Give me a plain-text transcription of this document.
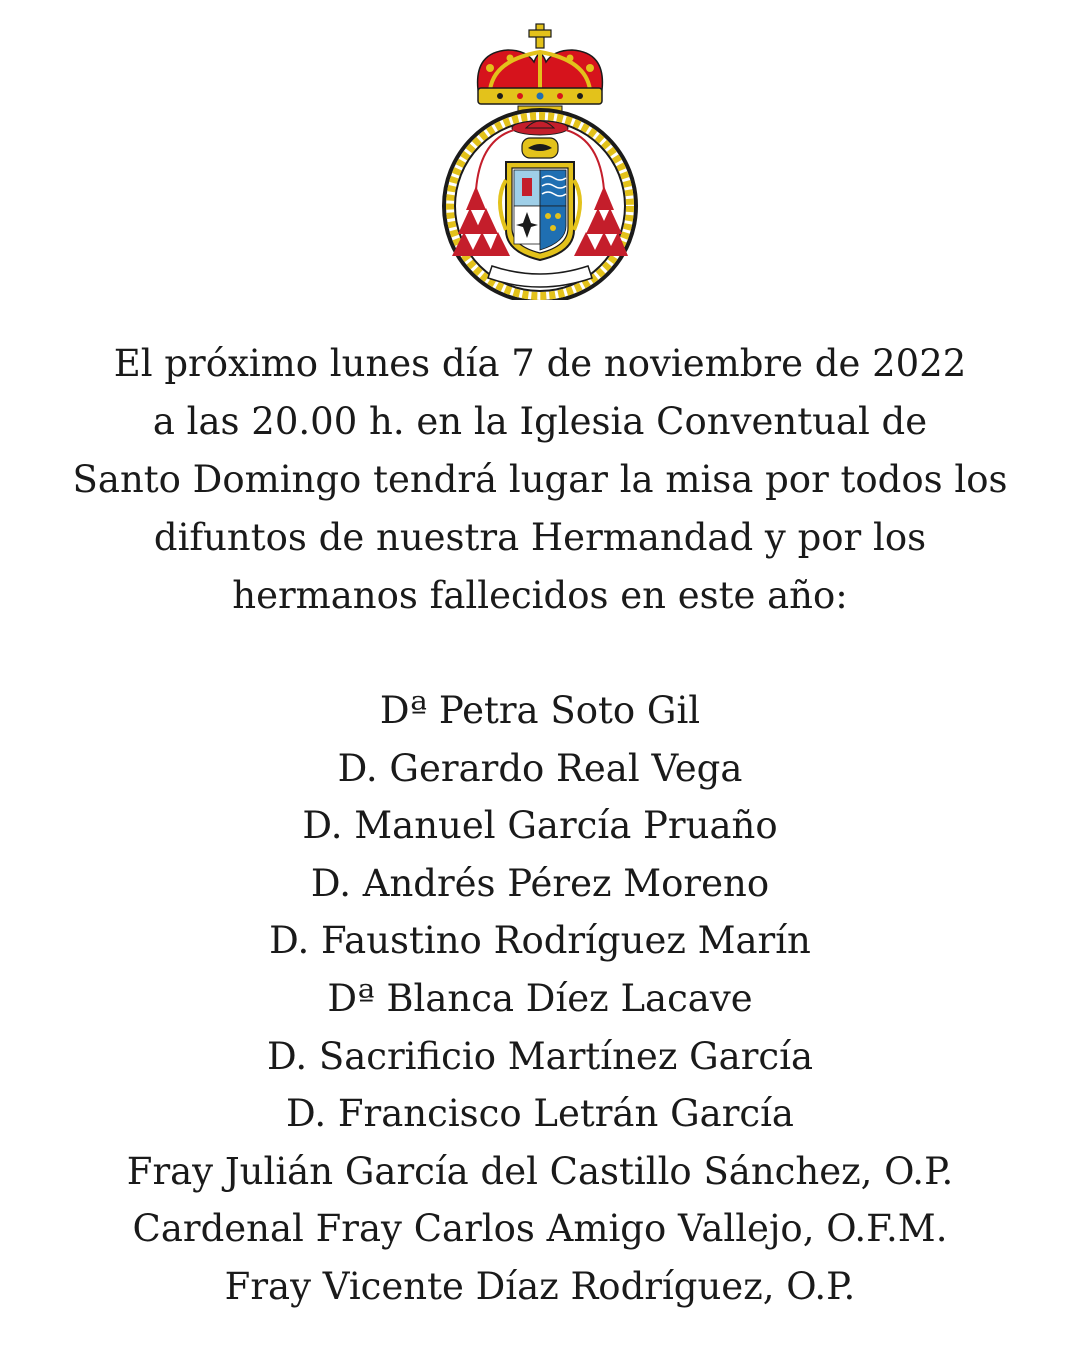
El próximo lunes día 7 de noviembre de 2022
a las 20.00 h. en la Iglesia Conventual de
Santo Domingo tendrá lugar la misa por todos los
difuntos de nuestra Hermandad y por los
hermanos fallecidos en este año:
Dª Petra Soto Gil
D. Gerardo Real Vega
D. Manuel García Pruaño
D. Andrés Pérez Moreno
D. Faustino Rodríguez Marín
Dª Blanca Díez Lacave
D. Sacrificio Martínez García
D. Francisco Letrán García
Fray Julián García del Castillo Sánchez, O.P.
Cardenal Fray Carlos Amigo Vallejo, O.F.M.
Fray Vicente Díaz Rodríguez, O.P.
